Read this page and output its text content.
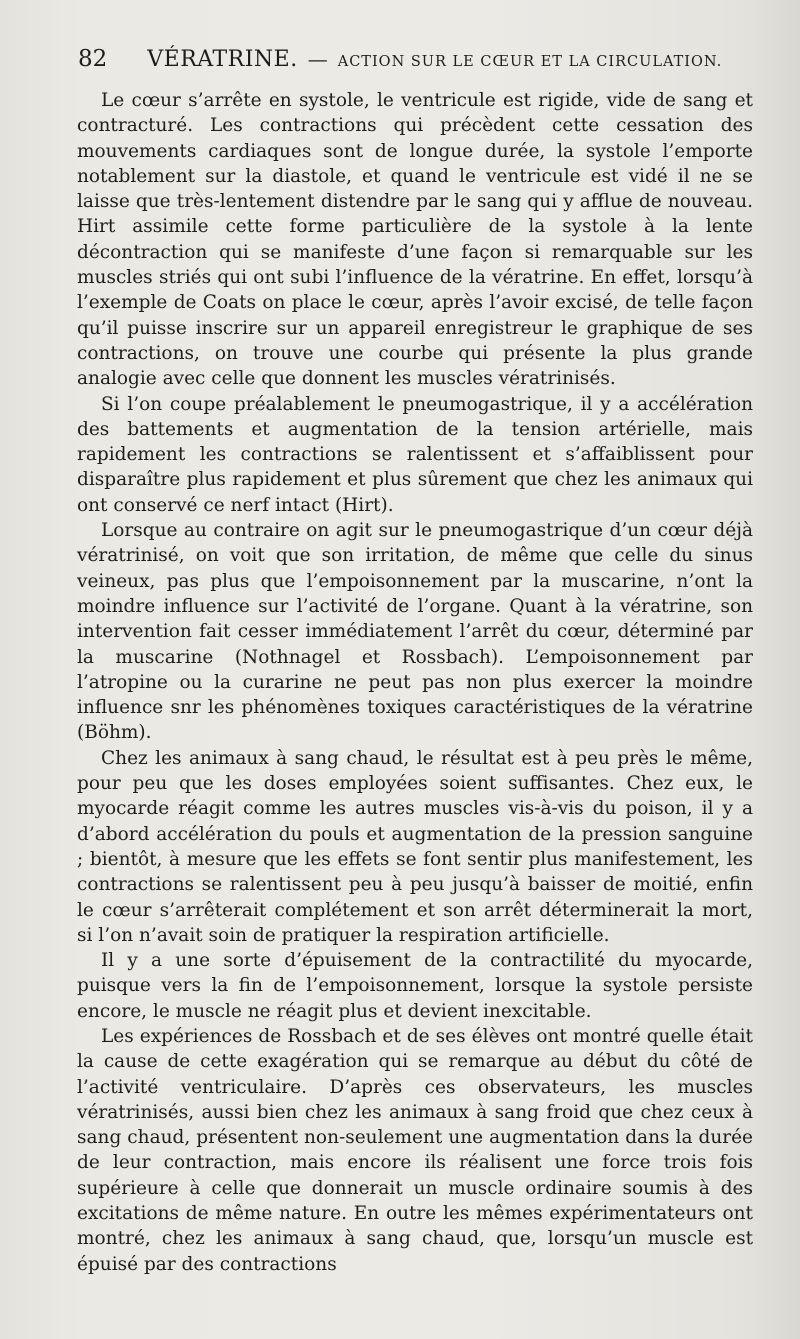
82 VÉRATRINE. — ACTION SUR LE CŒUR ET LA CIRCULATION.

Le cœur s’arrête en systole, le ventricule est rigide, vide de sang et contracturé. Les contractions qui précèdent cette cessation des mouvements cardiaques sont de longue durée, la systole l’emporte notablement sur la diastole, et quand le ventricule est vidé il ne se laisse que très-lentement distendre par le sang qui y afflue de nouveau. Hirt assimile cette forme particulière de la systole à la lente décontraction qui se manifeste d’une façon si remarquable sur les muscles striés qui ont subi l’influence de la vératrine. En effet, lorsqu’à l’exemple de Coats on place le cœur, après l’avoir excisé, de telle façon qu’il puisse inscrire sur un appareil enregistreur le graphique de ses contractions, on trouve une courbe qui présente la plus grande analogie avec celle que donnent les muscles vératrinisés.

Si l’on coupe préalablement le pneumogastrique, il y a accélération des battements et augmentation de la tension artérielle, mais rapidement les contractions se ralentissent et s’affaiblissent pour disparaître plus rapidement et plus sûrement que chez les animaux qui ont conservé ce nerf intact (Hirt).

Lorsque au contraire on agit sur le pneumogastrique d’un cœur déjà vératrinisé, on voit que son irritation, de même que celle du sinus veineux, pas plus que l’empoisonnement par la muscarine, n’ont la moindre influence sur l’activité de l’organe. Quant à la vératrine, son intervention fait cesser immédiatement l’arrêt du cœur, déterminé par la muscarine (Nothnagel et Rossbach). L’empoisonnement par l’atropine ou la curarine ne peut pas non plus exercer la moindre influence snr les phénomènes toxiques caractéristiques de la vératrine (Böhm).

Chez les animaux à sang chaud, le résultat est à peu près le même, pour peu que les doses employées soient suffisantes. Chez eux, le myocarde réagit comme les autres muscles vis-à-vis du poison, il y a d’abord accélération du pouls et augmentation de la pression sanguine ; bientôt, à mesure que les effets se font sentir plus manifestement, les contractions se ralentissent peu à peu jusqu’à baisser de moitié, enfin le cœur s’arrêterait complétement et son arrêt déterminerait la mort, si l’on n’avait soin de pratiquer la respiration artificielle.

Il y a une sorte d’épuisement de la contractilité du myocarde, puisque vers la fin de l’empoisonnement, lorsque la systole persiste encore, le muscle ne réagit plus et devient inexcitable.

Les expériences de Rossbach et de ses élèves ont montré quelle était la cause de cette exagération qui se remarque au début du côté de l’activité ventriculaire. D’après ces observateurs, les muscles vératrinisés, aussi bien chez les animaux à sang froid que chez ceux à sang chaud, présentent non-seulement une augmentation dans la durée de leur contraction, mais encore ils réalisent une force trois fois supérieure à celle que donnerait un muscle ordinaire soumis à des excitations de même nature. En outre les mêmes expérimentateurs ont montré, chez les animaux à sang chaud, que, lorsqu’un muscle est épuisé par des contractions
